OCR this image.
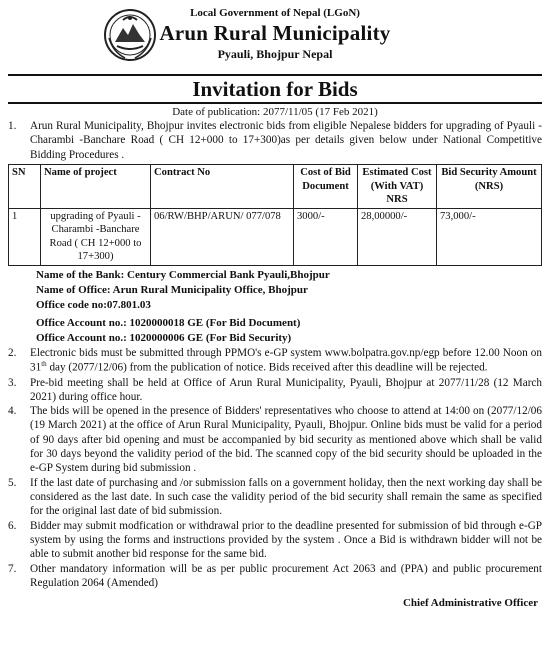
Local Government of Nepal (LGoN)
Arun Rural Municipality
Pyauli, Bhojpur Nepal
Invitation for Bids
Date of publication: 2077/11/05 (17 Feb 2021)
1.	Arun Rural Municipality, Bhojpur invites electronic bids from eligible Nepalese bidders for upgrading of Pyauli -Charambi -Banchare Road ( CH 12+000 to 17+300)as per details given below under National Competitive Bidding Procedures .
SN	Name of project	Contract No	Cost of Bid Document	Estimated Cost (With VAT) NRS	Bid Security Amount (NRS)
1	upgrading of Pyauli -Charambi -Banchare Road ( CH 12+000 to 17+300)	06/RW/BHP/ARUN/ 077/078	3000/-	28,00000/-	73,000/-
Name of the Bank: Century Commercial Bank Pyauli,Bhojpur
Name of Office: Arun Rural Municipality Office, Bhojpur
Office code no:07.801.03
Office Account no.: 1020000018 GE (For Bid Document)
Office Account no.: 1020000006 GE (For Bid Security)
2.	Electronic bids must be submitted through PPMO's e-GP system www.bolpatra.gov.np/egp before 12.00 Noon on 31th day (2077/12/06) from the publication of notice. Bids received after this deadline will be rejected.
3.	Pre-bid meeting shall be held at Office of Arun Rural Municipality, Pyauli, Bhojpur at 2077/11/28 (12 March 2021) during office hour.
4.	The bids will be opened in the presence of Bidders' representatives who choose to attend at 14:00 on (2077/12/06 (19 March 2021) at the office of Arun Rural Municipality, Pyauli, Bhojpur. Online bids must be valid for a period of 90 days after bid opening and must be accompanied by bid security as mentioned above which shall be valid for 30 days beyond the validity period of the bid. The scanned copy of the bid security should be uploaded in the e-GP System during bid submission .
5.	If the last date of purchasing and /or submission falls on a government holiday, then the next working day shall be considered as the last date. In such case the validity period of the bid security shall remain the same as specified for the original last date of bid submission.
6.	Bidder may submit modfication or withdrawal prior to the deadline presented for submission of bid through e-GP system by using the forms and instructions provided by the system . Once a Bid is withdrawn bidder will not be able to submit another bid response for the same bid.
7.	Other mandatory information will be as per public procurement Act 2063 and (PPA) and public procurement Regulation 2064 (Amended)
Chief Administrative Officer
